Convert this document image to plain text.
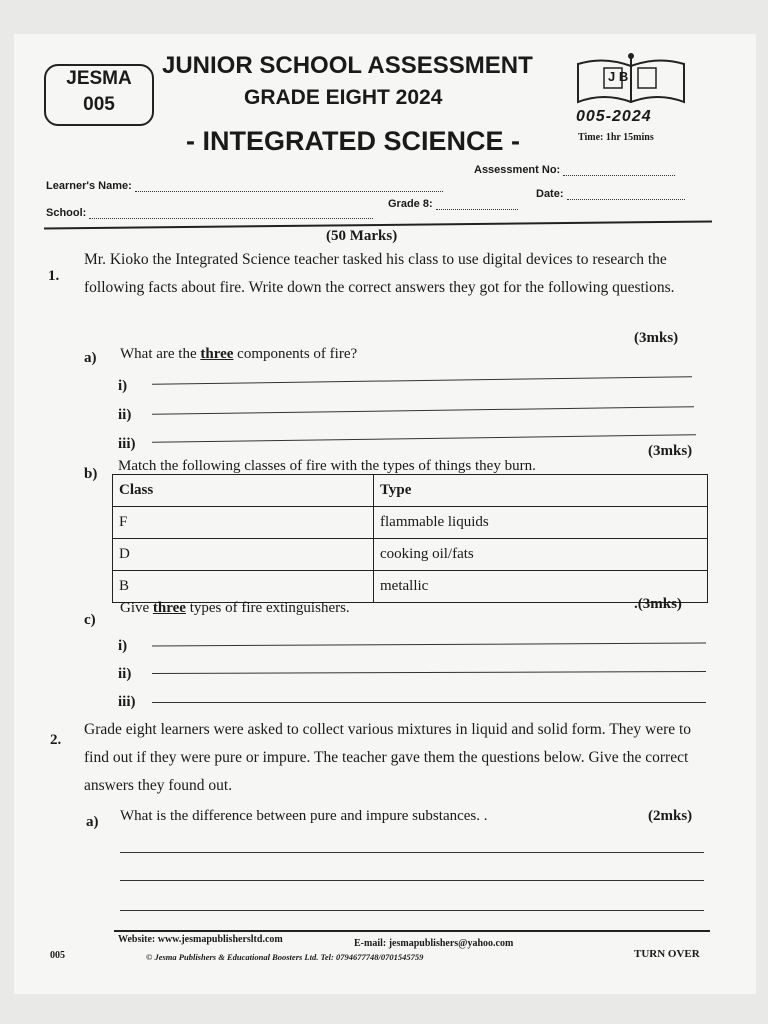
JESMA
005
JUNIOR SCHOOL ASSESSMENT
GRADE EIGHT 2024
- INTEGRATED SCIENCE -
J B
005-2024
Time: 1hr 15mins
Assessment No:
Learner's Name:
School:
Grade 8:
Date:
(50 Marks)
1.
Mr. Kioko the Integrated Science teacher tasked his class to use digital devices to research the following facts about fire. Write down the correct answers they got for the following questions.
(3mks)
a) What are the three components of fire?
i)
ii)
iii)
b) Match the following classes of fire with the types of things they burn.
(3mks)
Class	Type
F	flammable liquids
D	cooking oil/fats
B	metallic
c)
Give three types of fire extinguishers.	.(3mks)
i)
ii)
iii)
2.
Grade eight learners were asked to collect various mixtures in liquid and solid form. They were to find out if they were pure or impure. The teacher gave them the questions below. Give the correct answers they found out.
a) What is the difference between pure and impure substances. .	(2mks)
Website: www.jesmapublishersltd.com	E-mail: jesmapublishers@yahoo.com
005	© Jesma Publishers & Educational Boosters Ltd. Tel: 0794677748/0701545759	TURN OVER
